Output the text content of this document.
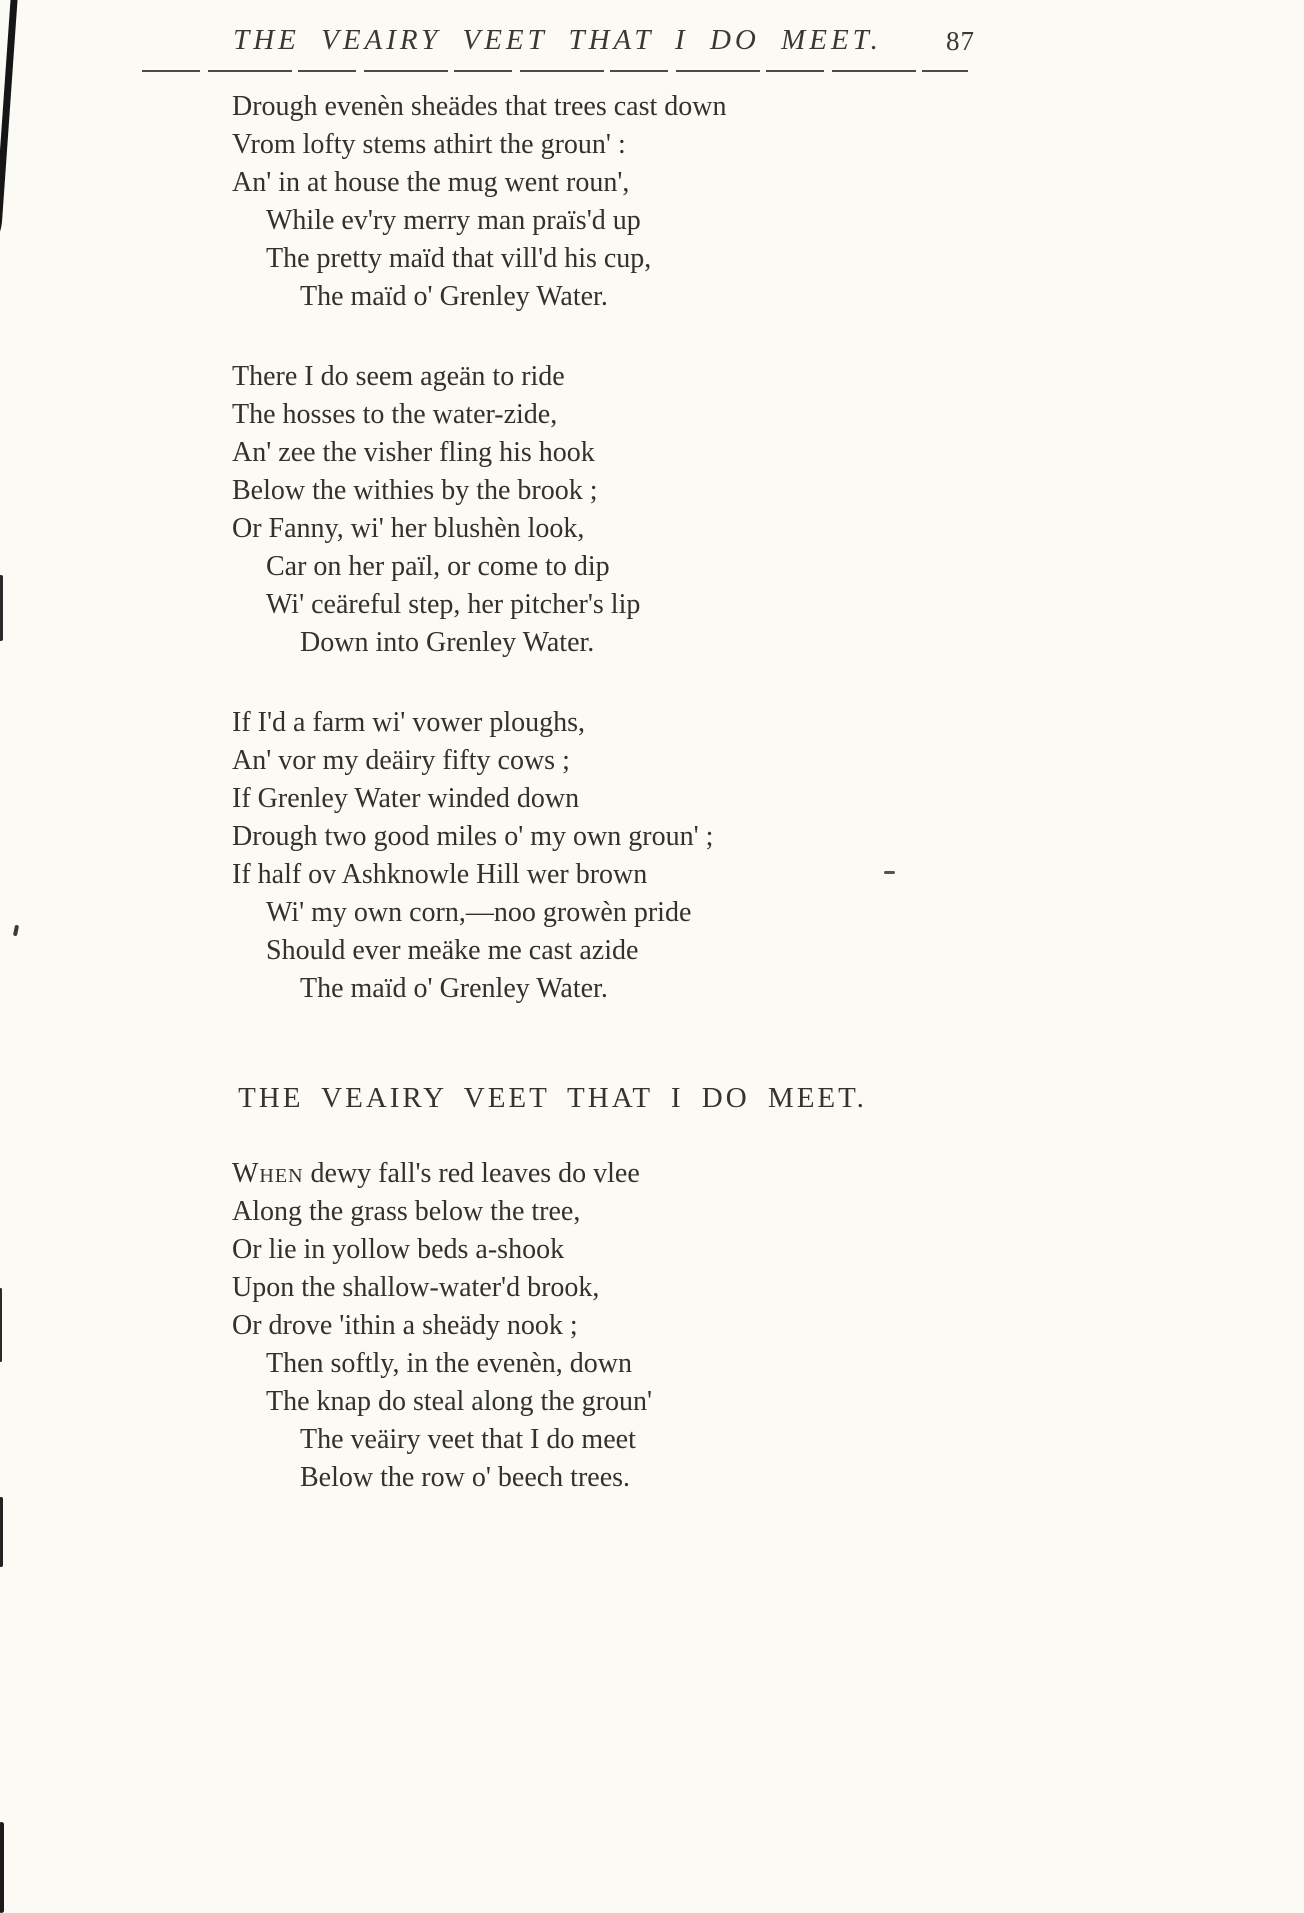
THE VEAIRY VEET THAT I DO MEET. 87
Drough evenèn sheädes that trees cast down
Vrom lofty stems athirt the groun' :
An' in at house the mug went roun',
While ev'ry merry man praïs'd up
The pretty maïd that vill'd his cup,
The maïd o' Grenley Water.
There I do seem ageän to ride
The hosses to the water-zide,
An' zee the visher fling his hook
Below the withies by the brook ;
Or Fanny, wi' her blushèn look,
Car on her païl, or come to dip
Wi' ceäreful step, her pitcher's lip
Down into Grenley Water.
If I'd a farm wi' vower ploughs,
An' vor my deäiry fifty cows ;
If Grenley Water winded down
Drough two good miles o' my own groun' ;
If half ov Ashknowle Hill wer brown
Wi' my own corn,—noo growèn pride
Should ever meäke me cast azide
The maïd o' Grenley Water.
THE VEAIRY VEET THAT I DO MEET.
When dewy fall's red leaves do vlee
Along the grass below the tree,
Or lie in yollow beds a-shook
Upon the shallow-water'd brook,
Or drove 'ithin a sheädy nook ;
Then softly, in the evenèn, down
The knap do steal along the groun'
The veäiry veet that I do meet
Below the row o' beech trees.
